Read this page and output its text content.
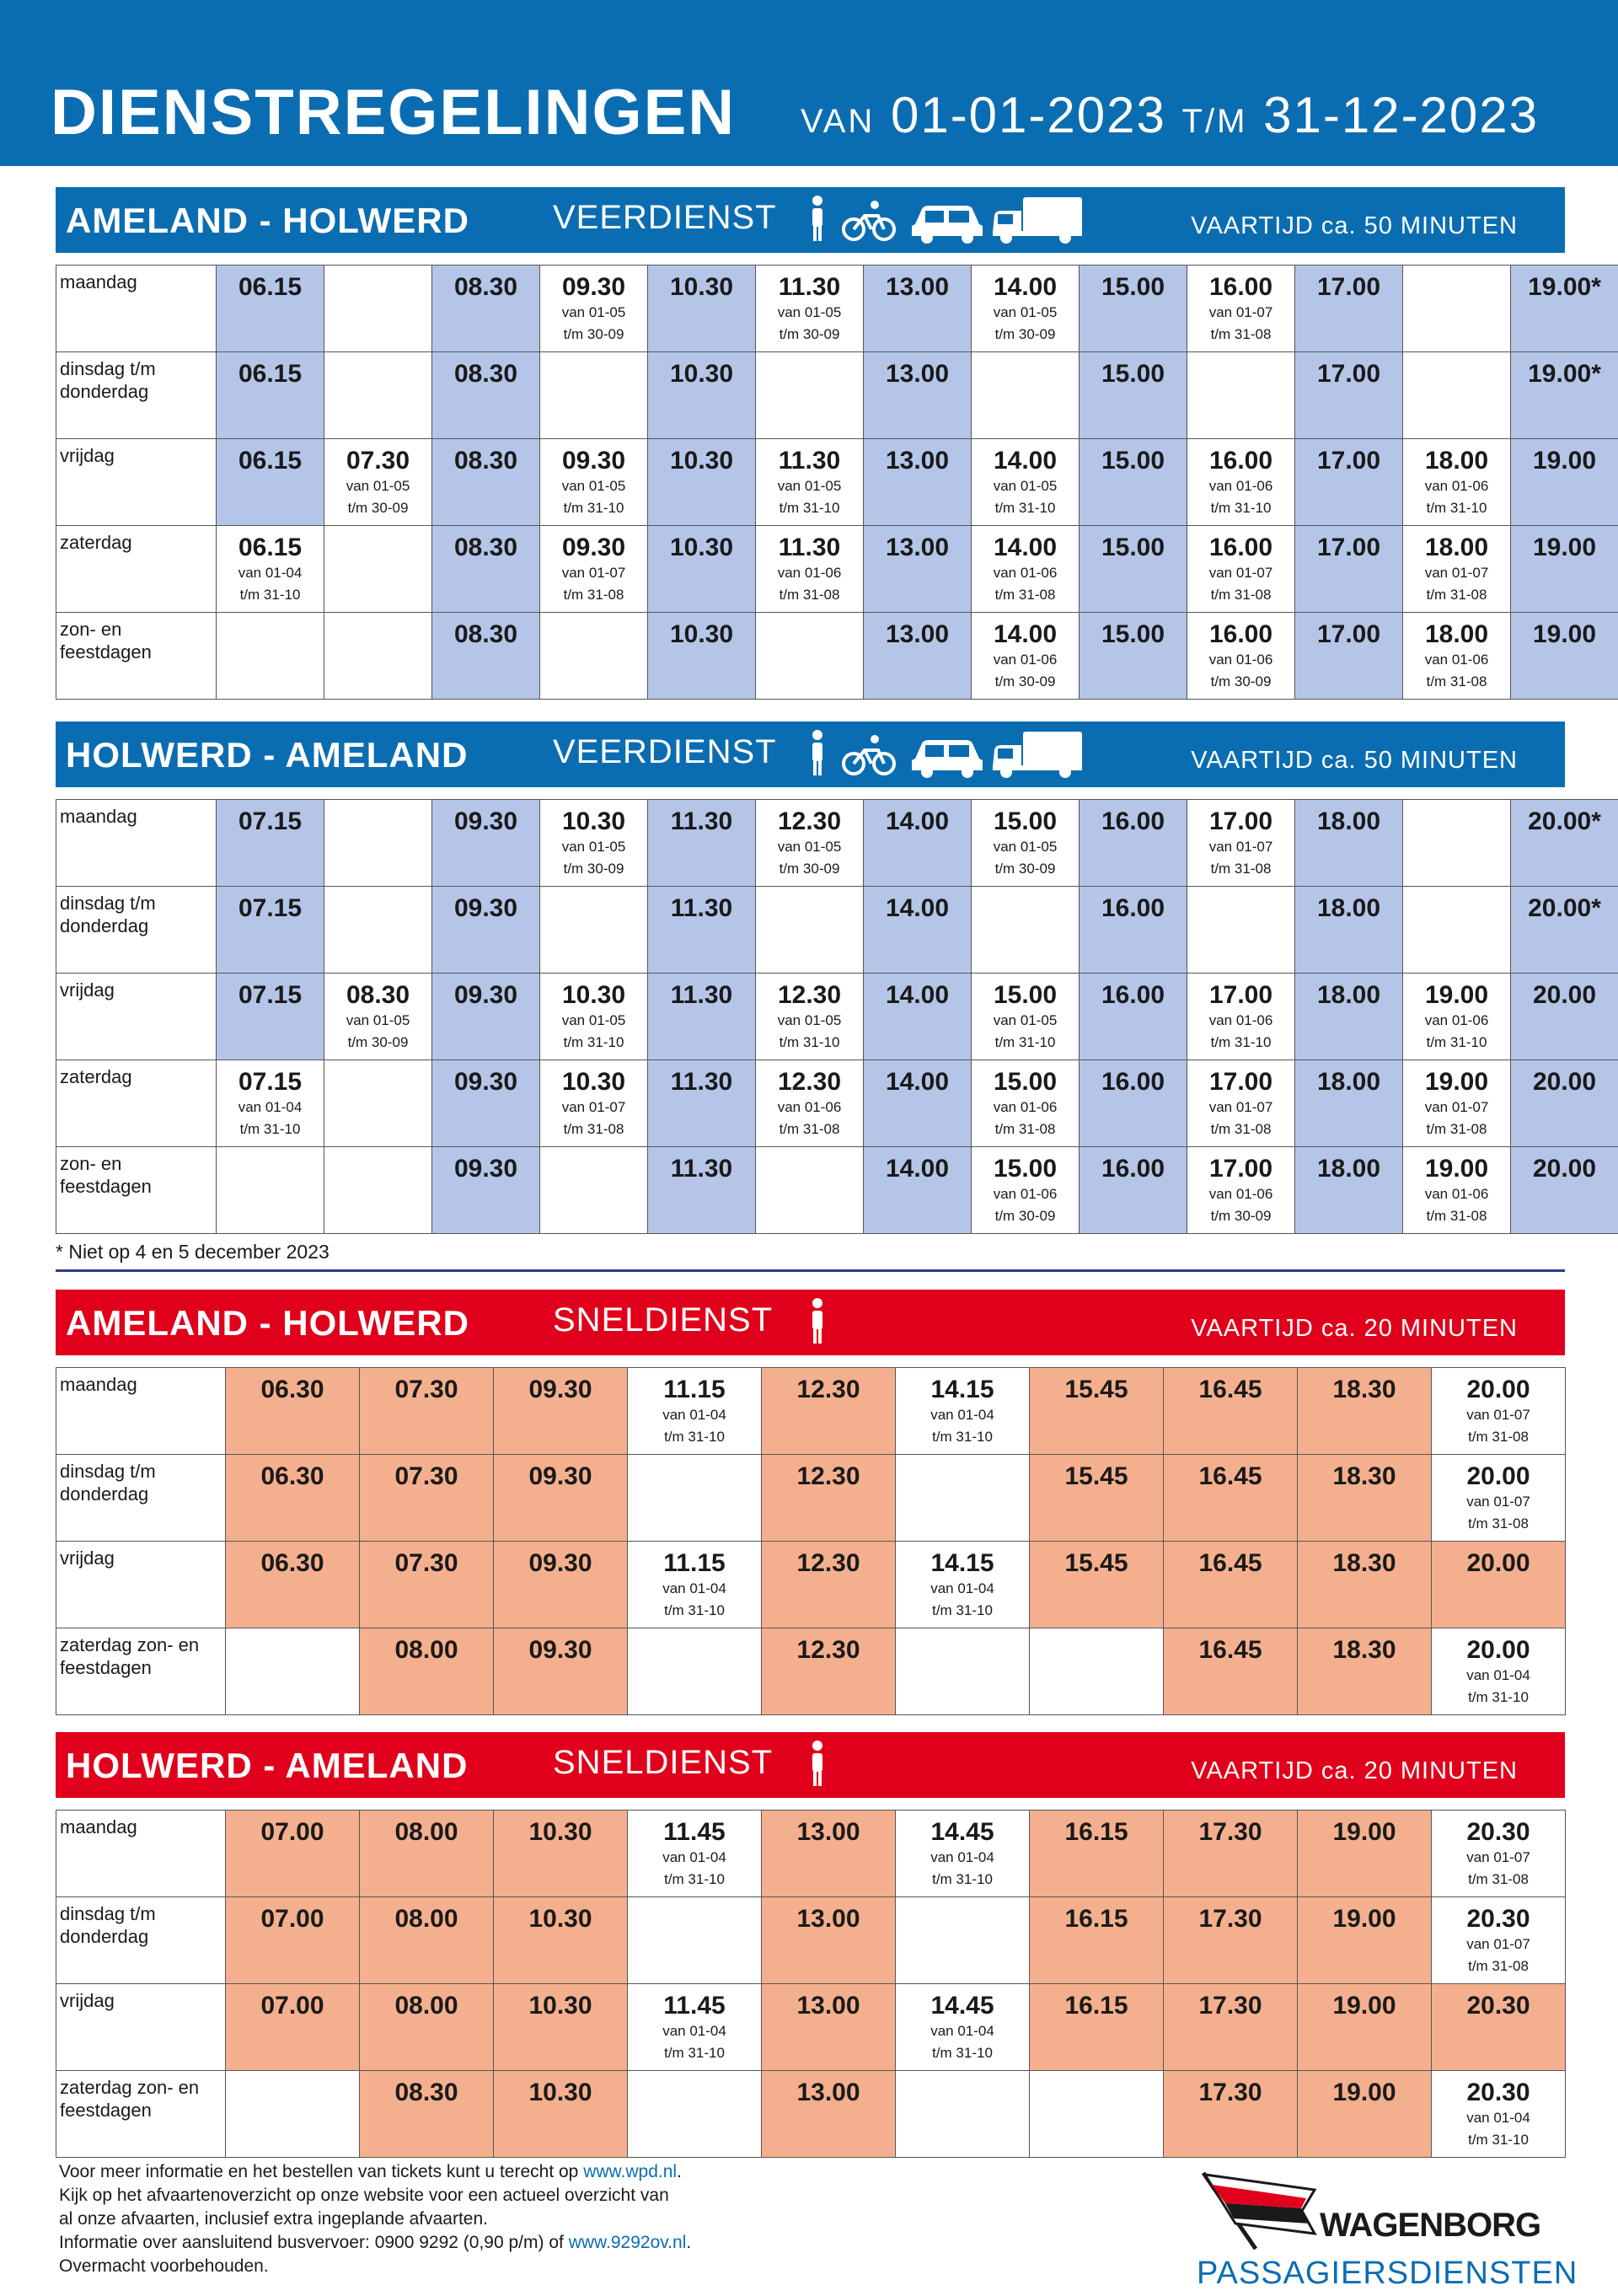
DIENSTREGELINGEN VAN 01-01-2023 T/M 31-12-2023
AMELAND - HOLWERD VEERDIENST	VAARTIJD ca. 50 MINUTEN
maandag	06.15		08.30	09.30
van 01-05
t/m 30-09	10.30	11.30
van 01-05
t/m 30-09	13.00	14.00
van 01-05
t/m 30-09	15.00	16.00
van 01-07
t/m 31-08	17.00		19.00*

dinsdag t/m donderdag	06.15		08.30		10.30		13.00		15.00		17.00		19.00*

vrijdag	06.15	07.30
van 01-05
t/m 30-09	08.30	09.30
van 01-05
t/m 31-10	10.30	11.30
van 01-05
t/m 31-10	13.00	14.00
van 01-05
t/m 31-10	15.00	16.00
van 01-06
t/m 31-10	17.00	18.00
van 01-06
t/m 31-10	19.00

zaterdag	06.15
van 01-04
t/m 31-10		08.30	09.30
van 01-07
t/m 31-08	10.30	11.30
van 01-06
t/m 31-08	13.00	14.00
van 01-06
t/m 31-08	15.00	16.00
van 01-07
t/m 31-08	17.00	18.00
van 01-07
t/m 31-08	19.00

zon- en feestdagen			08.30		10.30		13.00	14.00
van 01-06
t/m 30-09	15.00	16.00
van 01-06
t/m 30-09	17.00	18.00
van 01-06
t/m 31-08	19.00
HOLWERD - AMELAND	VEERDIENST	VAARTIJD ca. 50 MINUTEN
maandag	07.15		09.30	10.30
van 01-05
t/m 30-09	11.30	12.30
van 01-05
t/m 30-09	14.00	15.00
van 01-05
t/m 30-09	16.00	17.00
van 01-07
t/m 31-08	18.00		20.00*

dinsdag t/m donderdag	07.15		09.30		11.30		14.00		16.00		18.00		20.00*

vrijdag	07.15	08.30
van 01-05
t/m 30-09	09.30	10.30
van 01-05
t/m 31-10	11.30	12.30
van 01-05
t/m 31-10	14.00	15.00
van 01-05
t/m 31-10	16.00	17.00
van 01-06
t/m 31-10	18.00	19.00
van 01-06
t/m 31-10	20.00

zaterdag	07.15
van 01-04
t/m 31-10		09.30	10.30
van 01-07
t/m 31-08	11.30	12.30
van 01-06
t/m 31-08	14.00	15.00
van 01-06
t/m 31-08	16.00	17.00
van 01-07
t/m 31-08	18.00	19.00
van 01-07
t/m 31-08	20.00

zon- en feestdagen			09.30		11.30		14.00	15.00
van 01-06
t/m 30-09	16.00	17.00
van 01-06
t/m 30-09	18.00	19.00
van 01-06
t/m 31-08	20.00
* Niet op 4 en 5 december 2023
AMELAND - HOLWERD SNELDIENST	VAARTIJD ca. 20 MINUTEN
maandag	06.30	07.30	09.30	11.15
van 01-04
t/m 31-10	12.30	14.15
van 01-04
t/m 31-10	15.45	16.45	18.30	20.00
van 01-07
t/m 31-08

dinsdag t/m donderdag	06.30	07.30	09.30		12.30		15.45	16.45	18.30	20.00
van 01-07
t/m 31-08

vrijdag	06.30	07.30	09.30	11.15
van 01-04
t/m 31-10	12.30	14.15
van 01-04
t/m 31-10	15.45	16.45	18.30	20.00

zaterdag zon- en feestdagen		08.00	09.30		12.30			16.45	18.30	20.00
van 01-04
t/m 31-10
HOLWERD - AMELAND	SNELDIENST	VAARTIJD ca. 20 MINUTEN
maandag	07.00	08.00	10.30	11.45
van 01-04
t/m 31-10	13.00	14.45
van 01-04
t/m 31-10	16.15	17.30	19.00	20.30
van 01-07
t/m 31-08

dinsdag t/m donderdag	07.00	08.00	10.30		13.00		16.15	17.30	19.00	20.30
van 01-07
t/m 31-08

vrijdag	07.00	08.00	10.30	11.45
van 01-04
t/m 31-10	13.00	14.45
van 01-04
t/m 31-10	16.15	17.30	19.00	20.30

zaterdag zon- en feestdagen		08.30	10.30		13.00			17.30	19.00	20.30
van 01-04
t/m 31-10
Voor meer informatie en het bestellen van tickets kunt u terecht op www.wpd.nl.
Kijk op het afvaartenoverzicht op onze website voor een actueel overzicht van
al onze afvaarten, inclusief extra ingeplande afvaarten.
Informatie over aansluitend busvervoer: 0900 9292 (0,90 p/m) of www.9292ov.nl.
Overmacht voorbehouden.
WAGENBORG
PASSAGIERSDIENSTEN
